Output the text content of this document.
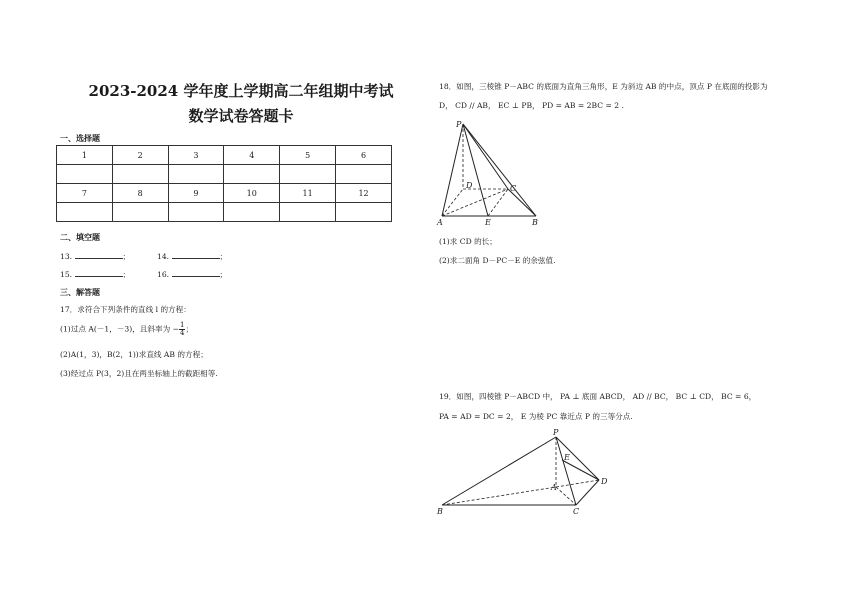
2023-2024 学年度上学期高二年组期中考试
数学试卷答题卡
一、选择题
1	2	3	4	5	6

7	8	9	10	11	12

二、填空题
13.	；	14.	；
15.	；	16.	；
三、解答题
17．求符合下列条件的直线 l 的方程：
(1)过点 A(－1，－3)，且斜率为 − $\frac{1}{4}$ ；
(2)A(1，3)，B(2，1))求直线 AB 的方程；
(3)经过点 P(3，2)且在两坐标轴上的截距相等.
18．如图，三棱锥 P－ABC 的底面为直角三角形，E 为斜边 AB 的中点，顶点 P 在底面的投影为
D， CD // AB， EC ⊥ PB， PD = AB = 2BC = 2 .
P
D	C
A	E	B
(1)求 CD 的长；
(2)求二面角 D－PC－E 的余弦值.
19．如图，四棱锥 P－ABCD 中， PA ⊥ 底面 ABCD， AD // BC， BC ⊥ CD， BC = 6，
PA = AD = DC = 2， E 为棱 PC 靠近点 P 的三等分点.
P
E
D
A
B	C
